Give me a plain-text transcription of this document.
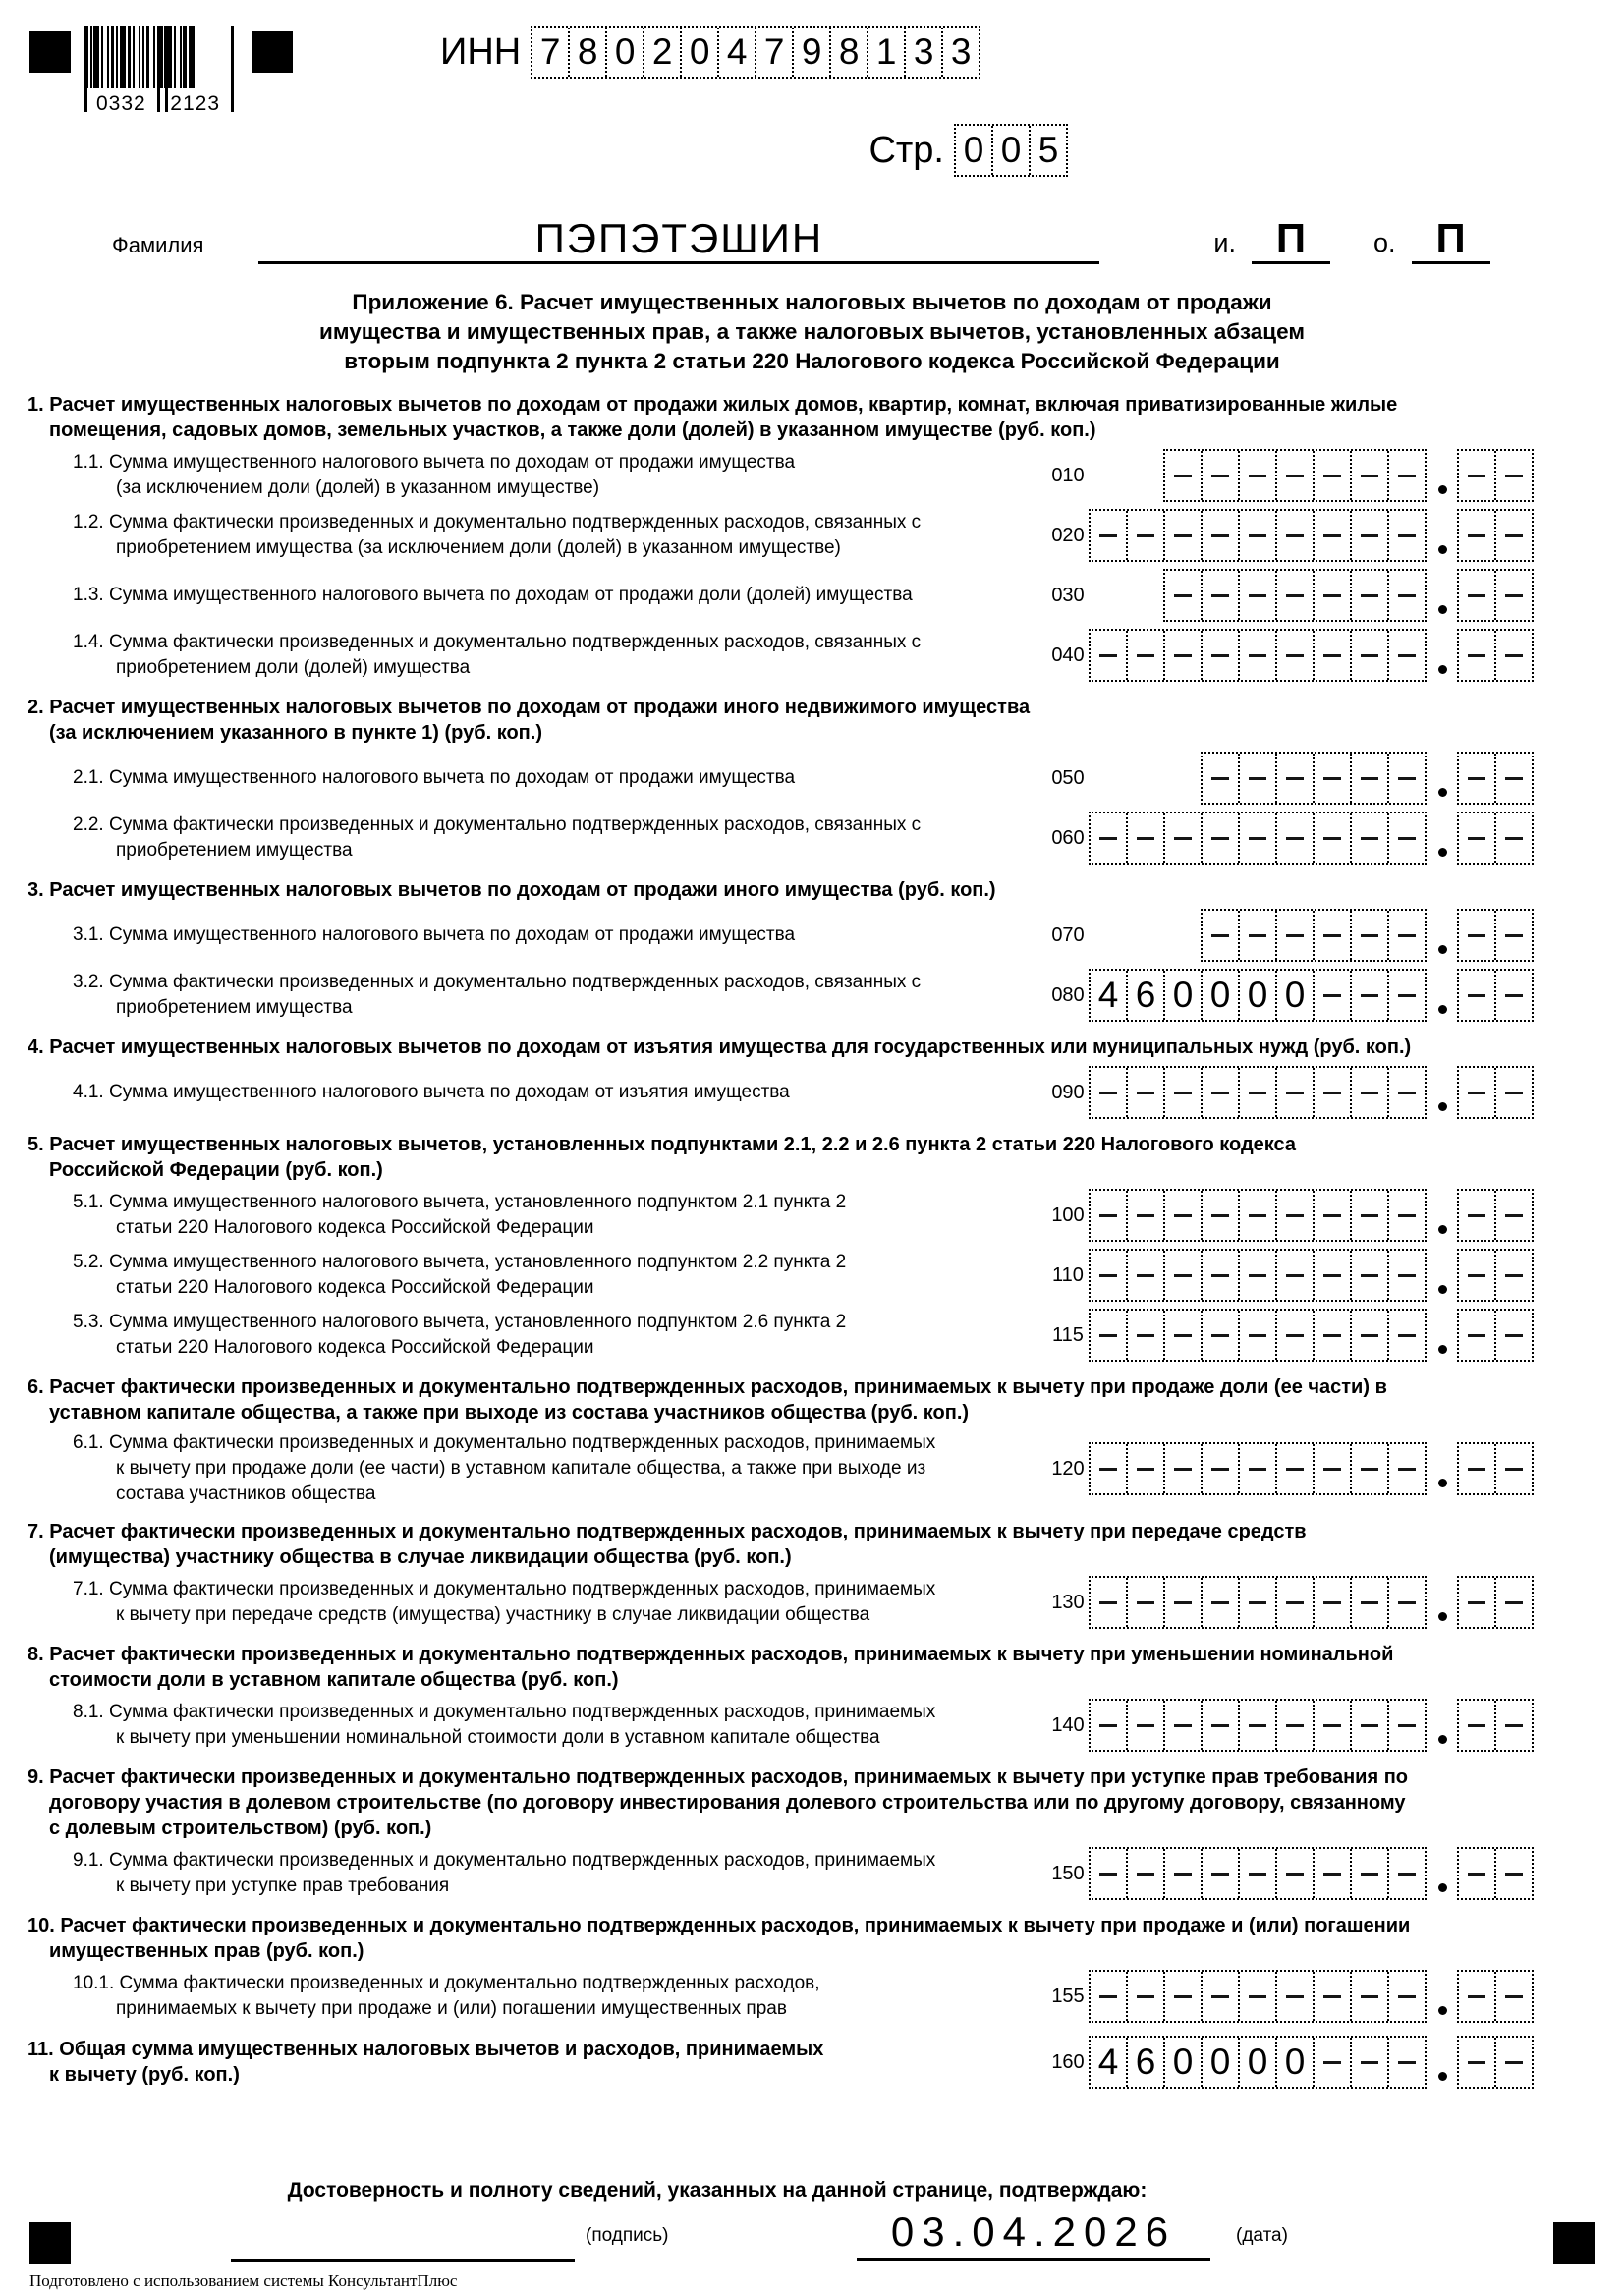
0332 2123
ИНН 7 8 0 2 0 4 7 9 8 1 3 3
Стр. 0 0 5
Фамилия	ПЭПЭТЭШИН	и. П	о. П
Приложение 6. Расчет имущественных налоговых вычетов по доходам от продажи
имущества и имущественных прав, а также налоговых вычетов, установленных абзацем
вторым подпункта 2 пункта 2 статьи 220 Налогового кодекса Российской Федерации
1. Расчет имущественных налоговых вычетов по доходам от продажи жилых домов, квартир, комнат, включая приватизированные жилые
помещения, садовых домов, земельных участков, а также доли (долей) в указанном имуществе (руб. коп.)
1.1. Сумма имущественного налогового вычета по доходам от продажи имущества
(за исключением доли (долей) в указанном имуществе)
010
1.2. Сумма фактически произведенных и документально подтвержденных расходов, связанных с
приобретением имущества (за исключением доли (долей) в указанном имуществе)
020
1.3. Сумма имущественного налогового вычета по доходам от продажи доли (долей) имущества	030
1.4. Сумма фактически произведенных и документально подтвержденных расходов, связанных с
приобретением доли (долей) имущества
040
2. Расчет имущественных налоговых вычетов по доходам от продажи иного недвижимого имущества
(за исключением указанного в пункте 1) (руб. коп.)
2.1. Сумма имущественного налогового вычета по доходам от продажи имущества	050
2.2. Сумма фактически произведенных и документально подтвержденных расходов, связанных с
приобретением имущества
060
3. Расчет имущественных налоговых вычетов по доходам от продажи иного имущества (руб. коп.)
3.1. Сумма имущественного налогового вычета по доходам от продажи имущества	070
3.2. Сумма фактически произведенных и документально подтвержденных расходов, связанных с
приобретением имущества
080 4 6 0 0 0 0
4. Расчет имущественных налоговых вычетов по доходам от изъятия имущества для государственных или муниципальных нужд (руб. коп.)
4.1. Сумма имущественного налогового вычета по доходам от изъятия имущества	090
5. Расчет имущественных налоговых вычетов, установленных подпунктами 2.1, 2.2 и 2.6 пункта 2 статьи 220 Налогового кодекса
Российской Федерации (руб. коп.)
5.1. Сумма имущественного налогового вычета, установленного подпунктом 2.1 пункта 2
статьи 220 Налогового кодекса Российской Федерации
100
5.2. Сумма имущественного налогового вычета, установленного подпунктом 2.2 пункта 2
статьи 220 Налогового кодекса Российской Федерации
110
5.3. Сумма имущественного налогового вычета, установленного подпунктом 2.6 пункта 2
статьи 220 Налогового кодекса Российской Федерации
115
6. Расчет фактически произведенных и документально подтвержденных расходов, принимаемых к вычету при продаже доли (ее части) в
уставном капитале общества, а также при выходе из состава участников общества (руб. коп.)
6.1. Сумма фактически произведенных и документально подтвержденных расходов, принимаемых
к вычету при продаже доли (ее части) в уставном капитале общества, а также при выходе из
состава участников общества
120
7. Расчет фактически произведенных и документально подтвержденных расходов, принимаемых к вычету при передаче средств
(имущества) участнику общества в случае ликвидации общества (руб. коп.)
7.1. Сумма фактически произведенных и документально подтвержденных расходов, принимаемых
к вычету при передаче средств (имущества) участнику в случае ликвидации общества
130
8. Расчет фактически произведенных и документально подтвержденных расходов, принимаемых к вычету при уменьшении номинальной
стоимости доли в уставном капитале общества (руб. коп.)
8.1. Сумма фактически произведенных и документально подтвержденных расходов, принимаемых
к вычету при уменьшении номинальной стоимости доли в уставном капитале общества
140
9. Расчет фактически произведенных и документально подтвержденных расходов, принимаемых к вычету при уступке прав требования по
договору участия в долевом строительстве (по договору инвестирования долевого строительства или по другому договору, связанному
с долевым строительством) (руб. коп.)
9.1. Сумма фактически произведенных и документально подтвержденных расходов, принимаемых
к вычету при уступке прав требования
150
10. Расчет фактически произведенных и документально подтвержденных расходов, принимаемых к вычету при продаже и (или) погашении
имущественных прав (руб. коп.)
10.1. Сумма фактически произведенных и документально подтвержденных расходов,
принимаемых к вычету при продаже и (или) погашении имущественных прав
155
11. Общая сумма имущественных налоговых вычетов и расходов, принимаемых
к вычету (руб. коп.)
160 4 6 0 0 0 0
Достоверность и полноту сведений, указанных на данной странице, подтверждаю:
(подпись)	03.04.2026	(дата)
Подготовлено с использованием системы КонсультантПлюс
